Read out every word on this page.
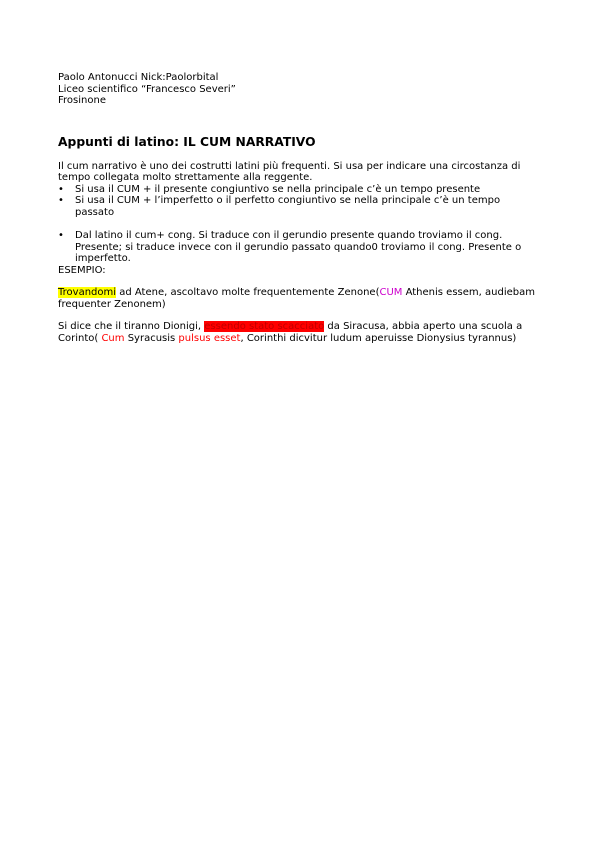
Paolo Antonucci Nick:Paolorbital
Liceo scientifico “Francesco Severi”
Frosinone
Appunti di latino: IL CUM NARRATIVO
Il cum narrativo è uno dei costrutti latini più frequenti. Si usa per indicare una circostanza di
tempo collegata molto strettamente alla reggente.
• Si usa il CUM + il presente congiuntivo se nella principale c’è un tempo presente
• Si usa il CUM + l’imperfetto o il perfetto congiuntivo se nella principale c’è un tempo
passato
• Dal latino il cum+ cong. Si traduce con il gerundio presente quando troviamo il cong.
Presente; si traduce invece con il gerundio passato quando0 troviamo il cong. Presente o
imperfetto.
ESEMPIO:
Trovandomi ad Atene, ascoltavo molte frequentemente Zenone(CUM Athenis essem, audiebam
frequenter Zenonem)
Si dice che il tiranno Dionigi, essendo stato scacciato da Siracusa, abbia aperto una scuola a
Corinto( Cum Syracusis pulsus esset, Corinthi dicvitur ludum aperuisse Dionysius tyrannus)
